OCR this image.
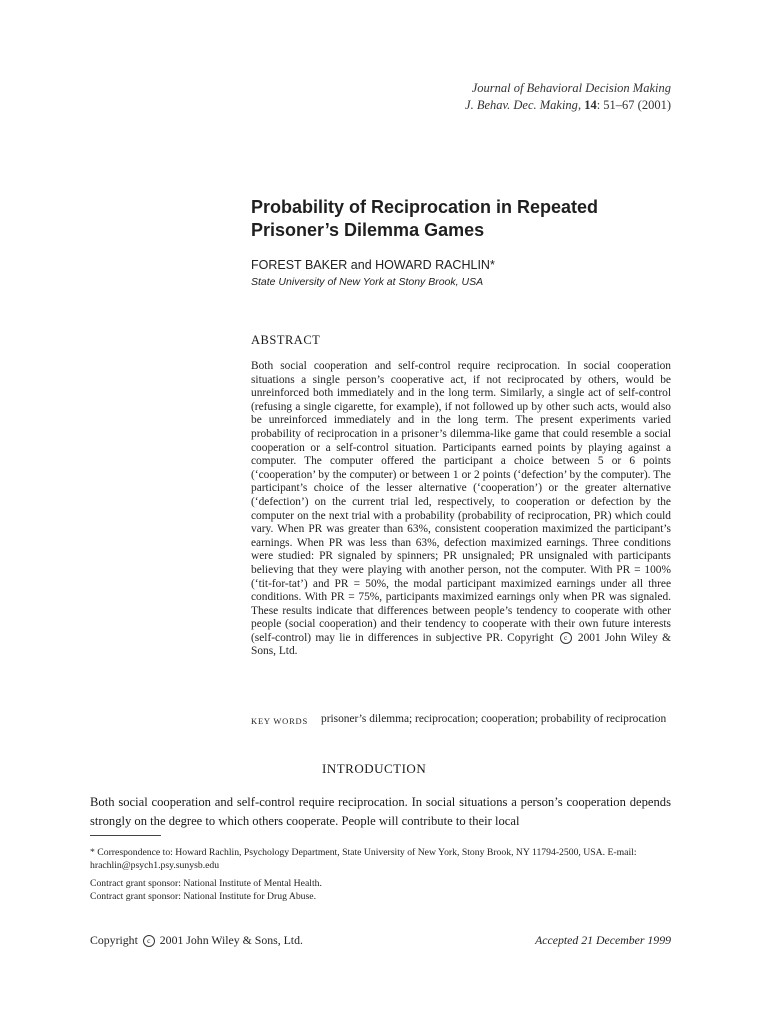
Journal of Behavioral Decision Making
J. Behav. Dec. Making, 14: 51–67 (2001)
Probability of Reciprocation in Repeated Prisoner’s Dilemma Games
FOREST BAKER and HOWARD RACHLIN*
State University of New York at Stony Brook, USA
ABSTRACT
Both social cooperation and self-control require reciprocation. In social cooperation situations a single person’s cooperative act, if not reciprocated by others, would be unreinforced both immediately and in the long term. Similarly, a single act of self-control (refusing a single cigarette, for example), if not followed up by other such acts, would also be unreinforced immediately and in the long term. The present experiments varied probability of reciprocation in a prisoner’s dilemma-like game that could resemble a social cooperation or a self-control situation. Participants earned points by playing against a computer. The computer offered the participant a choice between 5 or 6 points (‘cooperation’ by the computer) or between 1 or 2 points (‘defection’ by the computer). The participant’s choice of the lesser alternative (‘cooperation’) or the greater alternative (‘defection’) on the current trial led, respectively, to cooperation or defection by the computer on the next trial with a probability (probability of reciprocation, PR) which could vary. When PR was greater than 63%, consistent cooperation maximized the participant’s earnings. When PR was less than 63%, defection maximized earnings. Three conditions were studied: PR signaled by spinners; PR unsignaled; PR unsignaled with participants believing that they were playing with another person, not the computer. With PR = 100% (‘tit-for-tat’) and PR = 50%, the modal participant maximized earnings under all three conditions. With PR = 75%, participants maximized earnings only when PR was signaled. These results indicate that differences between people’s tendency to cooperate with other people (social cooperation) and their tendency to cooperate with their own future interests (self-control) may lie in differences in subjective PR. Copyright c 2001 John Wiley & Sons, Ltd.
KEY WORDS prisoner’s dilemma; reciprocation; cooperation; probability of reciprocation
INTRODUCTION
Both social cooperation and self-control require reciprocation. In social situations a person’s cooperation depends strongly on the degree to which others cooperate. People will contribute to their local
* Correspondence to: Howard Rachlin, Psychology Department, State University of New York, Stony Brook, NY 11794-2500, USA. E-mail: hrachlin@psych1.psy.sunysb.edu
Contract grant sponsor: National Institute of Mental Health.
Contract grant sponsor: National Institute for Drug Abuse.
Copyright c 2001 John Wiley & Sons, Ltd.	Accepted 21 December 1999
